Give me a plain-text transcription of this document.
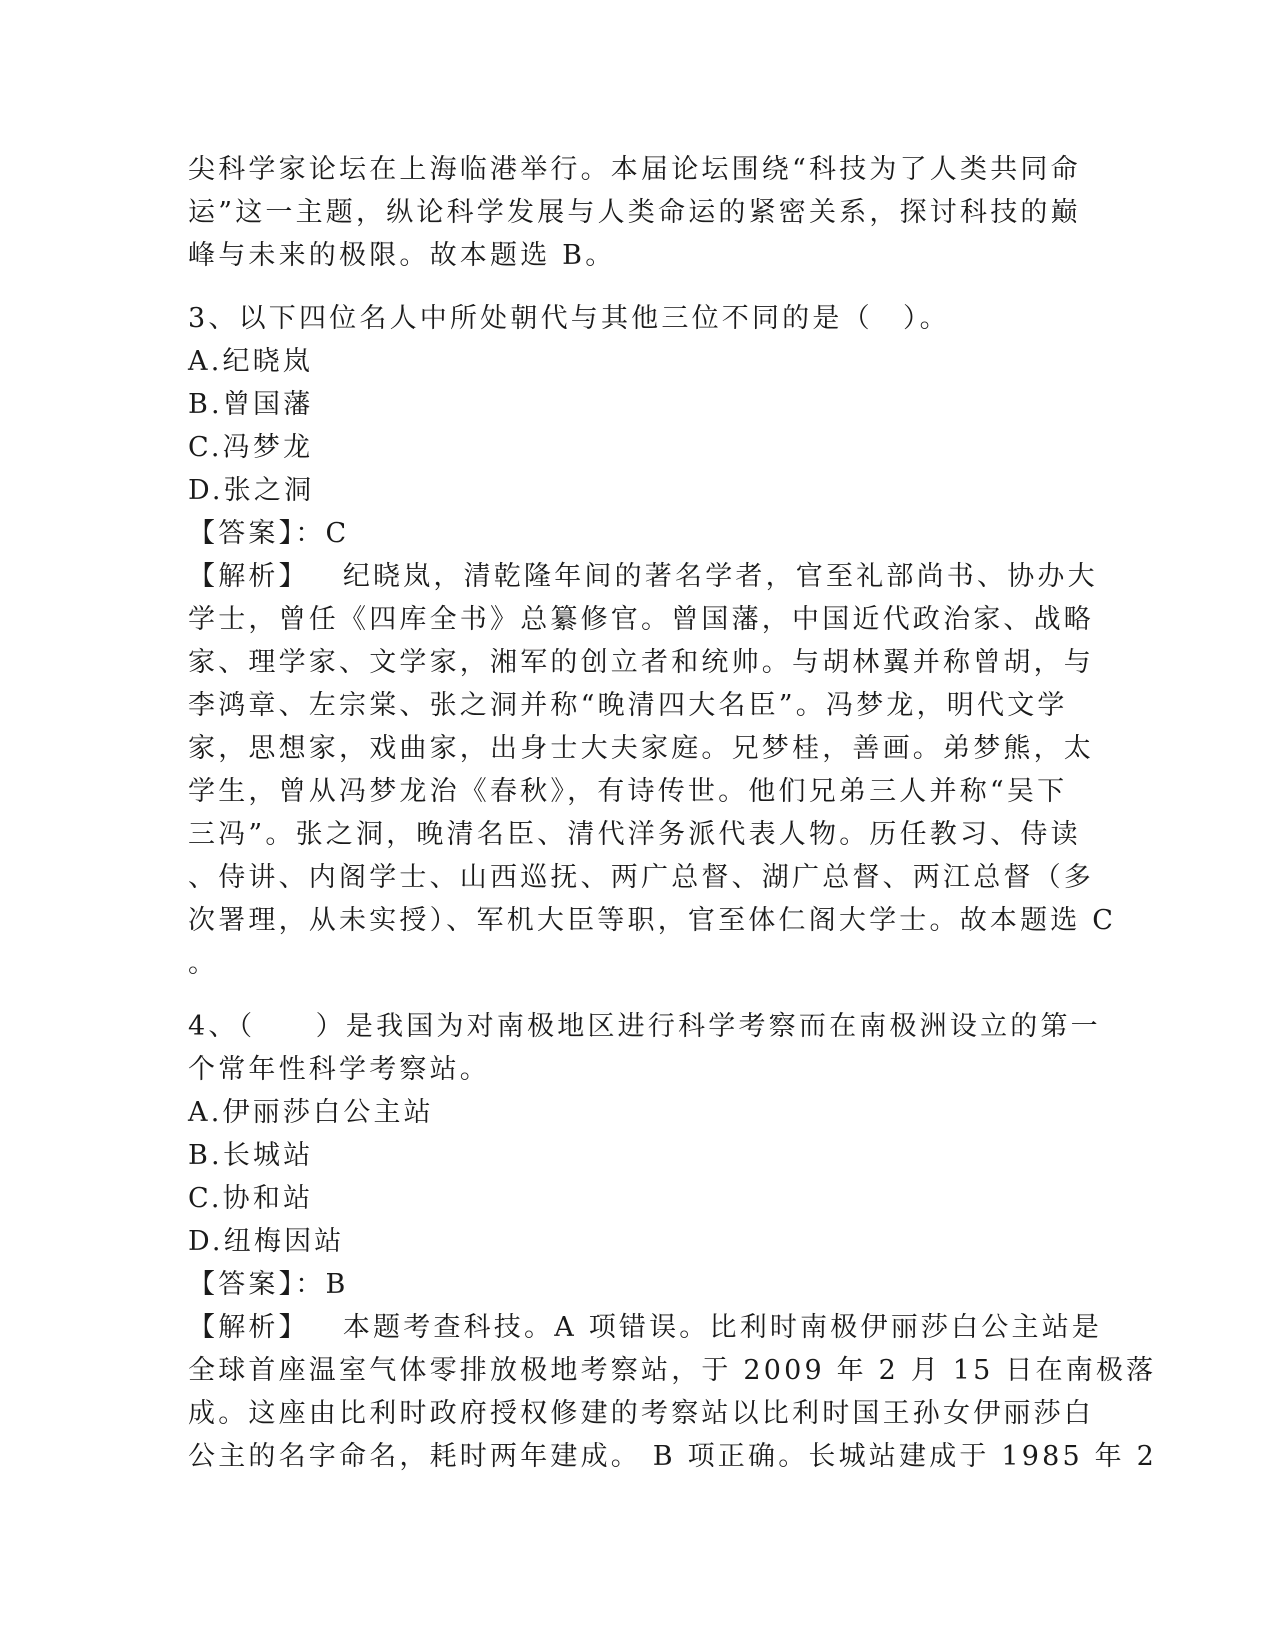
尖科学家论坛在上海临港举行。本届论坛围绕“科技为了人类共同命
运”这一主题，纵论科学发展与人类命运的紧密关系，探讨科技的巅
峰与未来的极限。故本题选 B。
3、以下四位名人中所处朝代与其他三位不同的是（　）。
A.纪晓岚
B.曾国藩
C.冯梦龙
D.张之洞
【答案】：C
【解析】 纪晓岚，清乾隆年间的著名学者，官至礼部尚书、协办大
学士，曾任《四库全书》总纂修官。曾国藩，中国近代政治家、战略
家、理学家、文学家，湘军的创立者和统帅。与胡林翼并称曾胡，与
李鸿章、左宗棠、张之洞并称“晚清四大名臣”。冯梦龙，明代文学
家，思想家，戏曲家，出身士大夫家庭。兄梦桂，善画。弟梦熊，太
学生，曾从冯梦龙治《春秋》，有诗传世。他们兄弟三人并称“吴下
三冯”。张之洞，晚清名臣、清代洋务派代表人物。历任教习、侍读
、侍讲、内阁学士、山西巡抚、两广总督、湖广总督、两江总督（多
次署理，从未实授）、军机大臣等职，官至体仁阁大学士。故本题选 C
。
4、（　　）是我国为对南极地区进行科学考察而在南极洲设立的第一
个常年性科学考察站。
A.伊丽莎白公主站
B.长城站
C.协和站
D.纽梅因站
【答案】：B
【解析】 本题考查科技。A 项错误。比利时南极伊丽莎白公主站是
全球首座温室气体零排放极地考察站，于 2009 年 2 月 15 日在南极落
成。这座由比利时政府授权修建的考察站以比利时国王孙女伊丽莎白
公主的名字命名，耗时两年建成。 B 项正确。长城站建成于 1985 年 2
